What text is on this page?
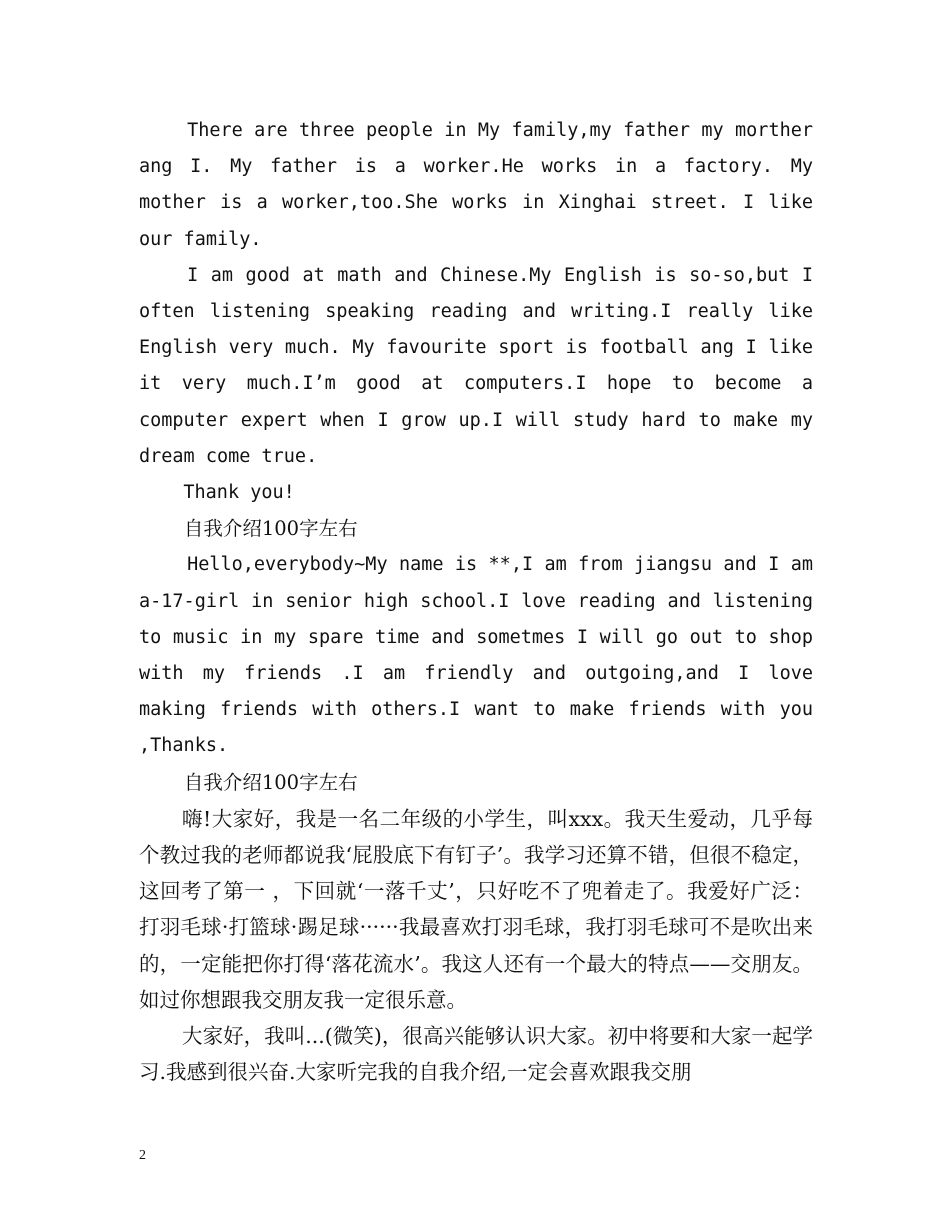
There are three people in My family,my father my morther ang I. My father is a worker.He works in a factory. My mother is a worker,too.She works in Xinghai street. I like our family.

I am good at math and Chinese.My English is so-so,but I often listening speaking reading and writing.I really like English very much. My favourite sport is football ang I like it very much.I’m good at computers.I hope to become a computer expert when I grow up.I will study hard to make my dream come true.

Thank you!

自我介绍100字左右

Hello,everybody~My name is **,I am from jiangsu and I am a-17-girl in senior high school.I love reading and listening to music in my spare time and sometmes I will go out to shop with my friends .I am friendly and outgoing,and I love making friends with others.I want to make friends with you ,Thanks.

自我介绍100字左右

嗨!大家好，我是一名二年级的小学生，叫xxx。我天生爱动，几乎每个教过我的老师都说我‘屁股底下有钉子’。我学习还算不错，但很不稳定，这回考了第一 ，下回就‘一落千丈’，只好吃不了兜着走了。我爱好广泛：打羽毛球·打篮球·踢足球······我最喜欢打羽毛球，我打羽毛球可不是吹出来的，一定能把你打得‘落花流水’。我这人还有一个最大的特点——交朋友。如过你想跟我交朋友我一定很乐意。

大家好，我叫...(微笑)，很高兴能够认识大家。初中将要和大家一起学习.我感到很兴奋.大家听完我的自我介绍,一定会喜欢跟我交朋

2
